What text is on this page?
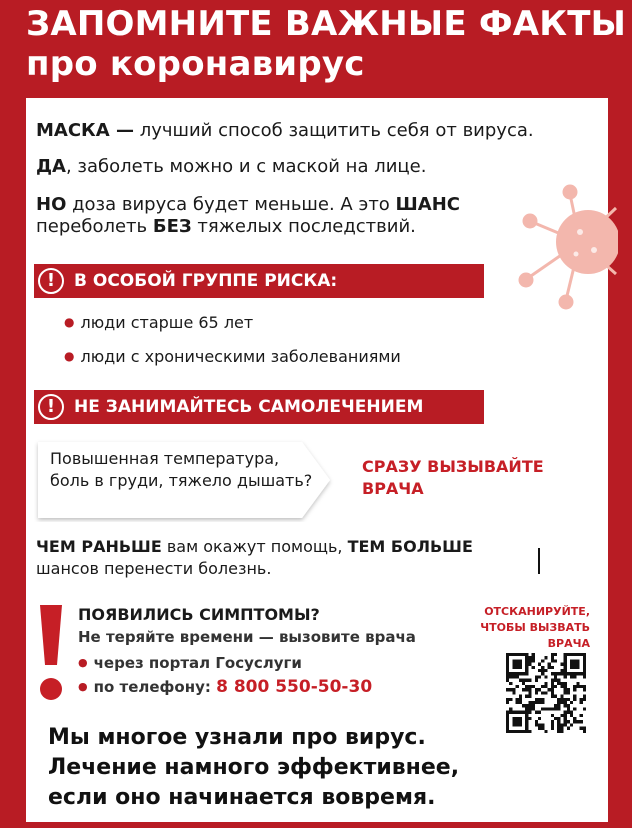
ЗАПОМНИТЕ ВАЖНЫЕ ФАКТЫ
про коронавирус
МАСКА — лучший способ защитить себя от вируса.
ДА, заболеть можно и с маской на лице.
НО доза вируса будет меньше. А это ШАНС
переболеть БЕЗ тяжелых последствий.
!	В ОСОБОЙ ГРУППЕ РИСКА:
● люди старше 65 лет
● люди с хроническими заболеваниями
!	НЕ ЗАНИМАЙТЕСЬ САМОЛЕЧЕНИЕМ
Повышенная температура, боль в груди, тяжело дышать?
СРАЗУ ВЫЗЫВАЙТЕ
ВРАЧА
ЧЕМ РАНЬШЕ вам окажут помощь, ТЕМ БОЛЬШЕ
шансов перенести болезнь.
ПОЯВИЛИСЬ СИМПТОМЫ?
Не теряйте времени — вызовите врача
● через портал Госуслуги
● по телефону: 8 800 550-50-30
ОТСКАНИРУЙТЕ,
ЧТОБЫ ВЫЗВАТЬ
ВРАЧА
Мы многое узнали про вирус.
Лечение намного эффективнее,
если оно начинается вовремя.
